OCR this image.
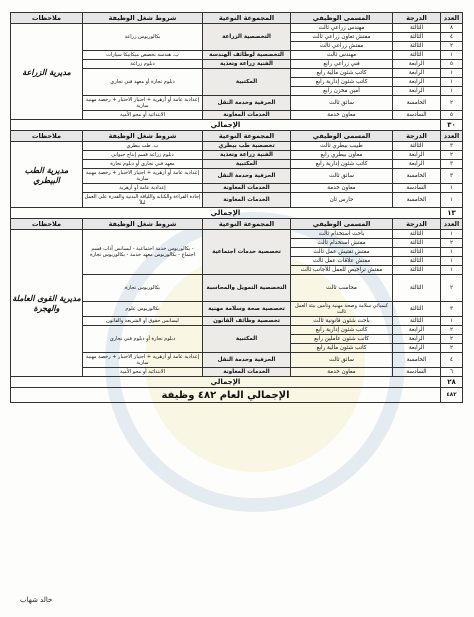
العدد	الدرجة	المسمى الوظيفي	المجموعة النوعية	شروط شغل الوظيفة	ملاحظات
٨	الثالثة	مهندس زراعي ثالث	التخصصية الزراعة	بكالوريوس زراعة	مديرية الزراعة
٤	الثالثة	مفتش تعاون زراعي ثالث			
٢	الثالثة	مفتش زراعي ثالث			
١	الثالثة	مهندس ثالث	التخصصية لوظائف الهندسة	ب. هندسة تخصص ميكانيكا سيارات	
٥	الرابعة	فني زراعي رابع	الفنية زراعة وتغذية	دبلوم زراعة	
١	الرابعة	كاتب شئون مالية رابع	المكتبية	دبلوم تجارة أو معهد فني تجاري	
١	الرابعة	كاتب شئون إدارية رابع			
١	الرابعة	أمين مخزن رابع			
٢	الخامسة	سائق ثالث	الحرفية وخدمة النقل	إعدادية عامة أو أزهرية + اجتياز الاختبار + رخصة مهنية سارية	
٥	السادسة	معاون خدمة	الخدمات المعاونة	الابتدائية أو محو الأمية	
٣٠	الإجمالي				
العدد	الدرجة	المسمى الوظيفي	المجموعة النوعية	شروط شغل الوظيفة	ملاحظات
٣	الثالثة	طبيب بيطري ثالث	تخصصية طب بيطري	ب. طب بيطري	مديرية الطب البيطري
٢	الرابعة	معاون بيطري رابع	الفنية زراعة وتغذية	دبلوم زراعة قسم إنتاج حيواني	
٣	الرابعة	كاتب شئون إدارية رابع	المكتبية	معهد فني تجاري أو دبلوم تجارة	
٣	الخامسة	سائق ثالث	الحرفية وخدمة النقل	إعدادية عامة أو أزهرية + اجتياز الاختبار + رخصة مهنية سارية	
١	السادسة	معاون خدمة	الخدمات المعاونة	إعدادية عامة أو أزهرية	
١	الخامسة	حارس ثان	الخدمات المعاونة	إجادة القراءة والكتابة واللياقة البدنية والقدرة على العمل ليلاً	
١٣	الإجمالي				
العدد	الدرجة	المسمى الوظيفي	المجموعة النوعية	شروط شغل الوظيفة	ملاحظات
١	الثالثة	باحث استخدام ثالث	تخصصية خدمات اجتماعية	- بكالوريوس خدمة اجتماعية - ليسانس آداب قسم اجتماع - بكالوريوس معهد خدمة - بكالوريوس تجارة	مديرية القوى العاملة والهجرة
٢	الثالثة	مفتش استخدام ثالث			
١	الثالثة	مفتش تفتيش عمل ثالث			
١	الثالثة	مفتش علاقات عمل ثالث			
١	الثالثة	مفتش تراخيص للعمل للأجانب ثالث			
٢	الثالثة	محاسب ثالث	التخصصية التمويل والمحاسبة	بكالوريوس تجارة	
٣	الثالثة	كيميائي سلامة وصحة مهنية وتأمين بيئة العمل ثالث	تخصصية صحة وسلامة مهنية	بكالوريوس علوم	
١	الثالثة	باحث شئون قانونية ثالث	تخصصية وظائف القانون	ليسانس حقوق أو الشريعة والقانون	
٢	الرابعة	كاتب شئون إدارية رابع	المكتبية	دبلوم تجارة أو دبلوم فني تجاري	
٢	الرابعة	كاتب شئون عاملين رابع			
٢	الرابعة	كاتب شئون مالية رابع			
٤	الخامسة	سائق ثالث	الحرفية وخدمة النقل	إعدادية عامة أو أزهرية + اجتياز الاختبار + رخصة مهنية سارية	
٦	السادسة	معاون خدمة	الخدمات المعاونة	الابتدائية أو محو الأمية	
٢٨	الإجمالي				
٤٨٢	الإجمالي العام ٤٨٢ وظيفة				
خالد شهاب
